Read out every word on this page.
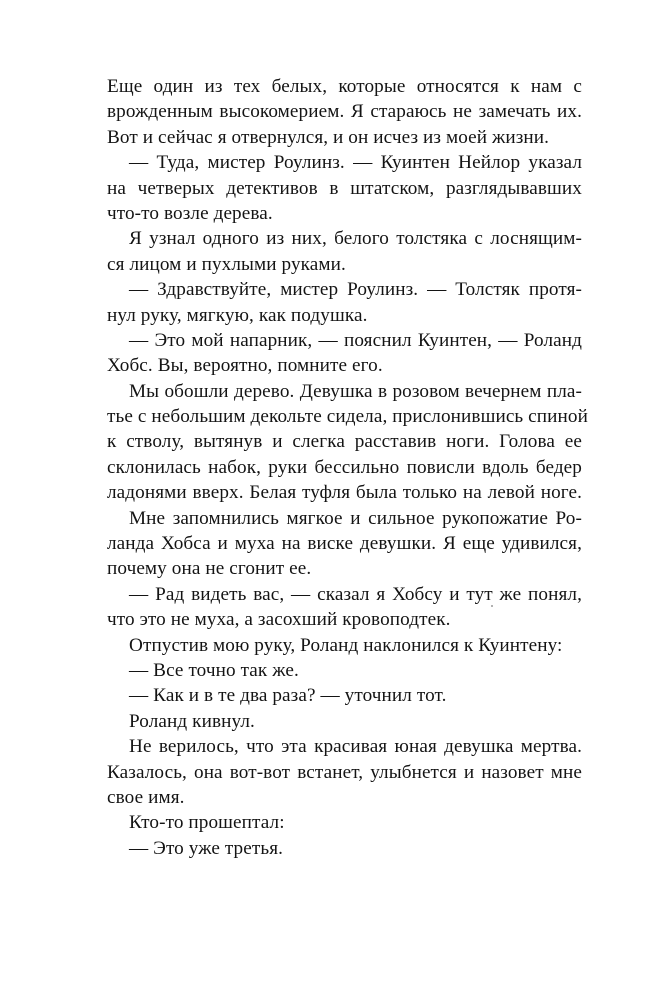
Еще один из тех белых, которые относятся к нам с
врожденным высокомерием. Я стараюсь не замечать их.
Вот и сейчас я отвернулся, и он исчез из моей жизни.
— Туда, мистер Роулинз. — Куинтен Нейлор указал
на четверых детективов в штатском, разглядывавших
что-то возле дерева.
Я узнал одного из них, белого толстяка с лоснящим-
ся лицом и пухлыми руками.
— Здравствуйте, мистер Роулинз. — Толстяк протя-
нул руку, мягкую, как подушка.
— Это мой напарник, — пояснил Куинтен, — Роланд
Хобс. Вы, вероятно, помните его.
Мы обошли дерево. Девушка в розовом вечернем пла-
тье с небольшим декольте сидела, прислонившись спиной
к стволу, вытянув и слегка расставив ноги. Голова ее
склонилась набок, руки бессильно повисли вдоль бедер
ладонями вверх. Белая туфля была только на левой ноге.
Мне запомнились мягкое и сильное рукопожатие Ро-
ланда Хобса и муха на виске девушки. Я еще удивился,
почему она не сгонит ее.
— Рад видеть вас, — сказал я Хобсу и тут же понял,
что это не муха, а засохший кровоподтек.
Отпустив мою руку, Роланд наклонился к Куинтену:
— Все точно так же.
— Как и в те два раза? — уточнил тот.
Роланд кивнул.
Не верилось, что эта красивая юная девушка мертва.
Казалось, она вот-вот встанет, улыбнется и назовет мне
свое имя.
Кто-то прошептал:
— Это уже третья.
